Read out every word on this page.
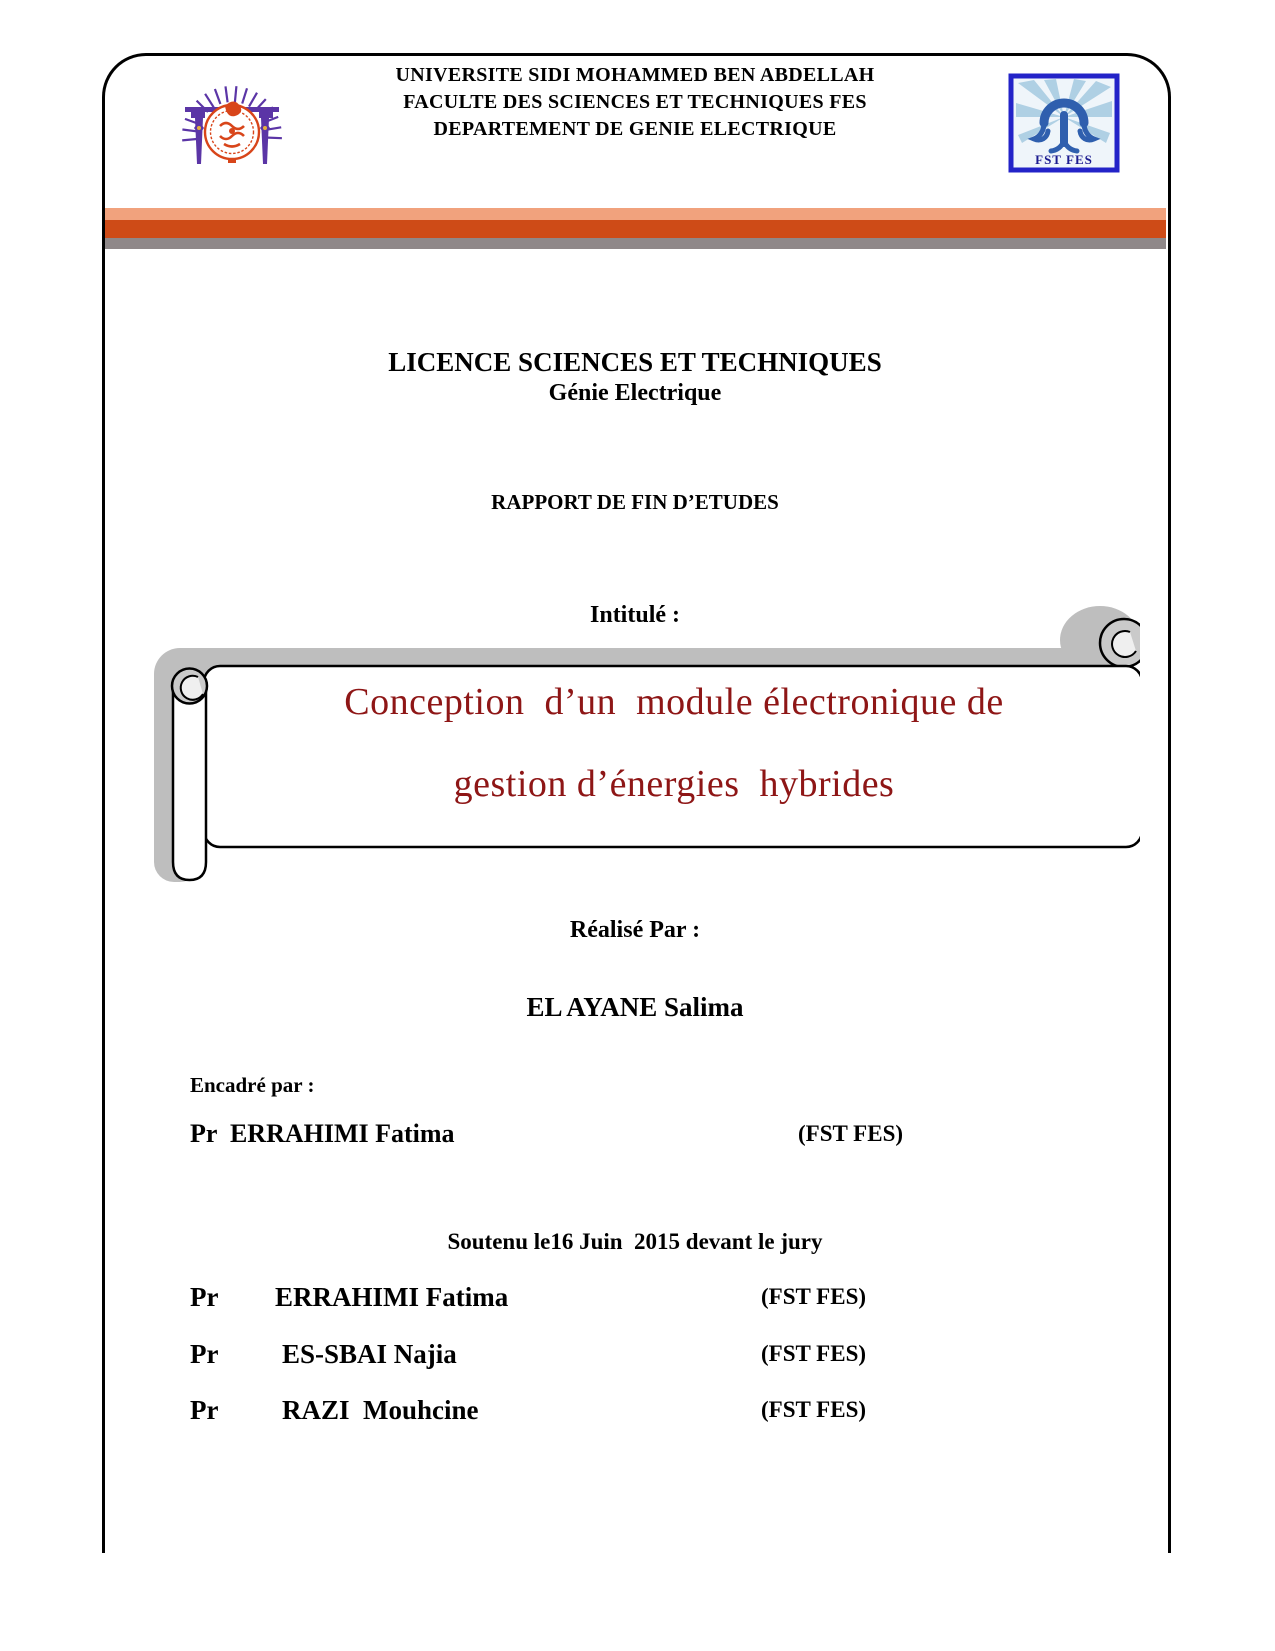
UNIVERSITE SIDI MOHAMMED BEN ABDELLAH
FACULTE DES SCIENCES ET TECHNIQUES FES
DEPARTEMENT DE GENIE ELECTRIQUE
FST FES
LICENCE SCIENCES ET TECHNIQUES
Génie Electrique
RAPPORT DE FIN D’ETUDES
Intitulé :
Conception  d’un  module électronique de
gestion d’énergies  hybrides
Réalisé Par :
EL AYANE Salima
Encadré par :
Pr  ERRAHIMI Fatima	(FST FES)
Soutenu le16 Juin  2015 devant le jury
Pr ERRAHIMI Fatima	(FST FES)
Pr ES-SBAI Najia	(FST FES)
Pr RAZI  Mouhcine	(FST FES)
